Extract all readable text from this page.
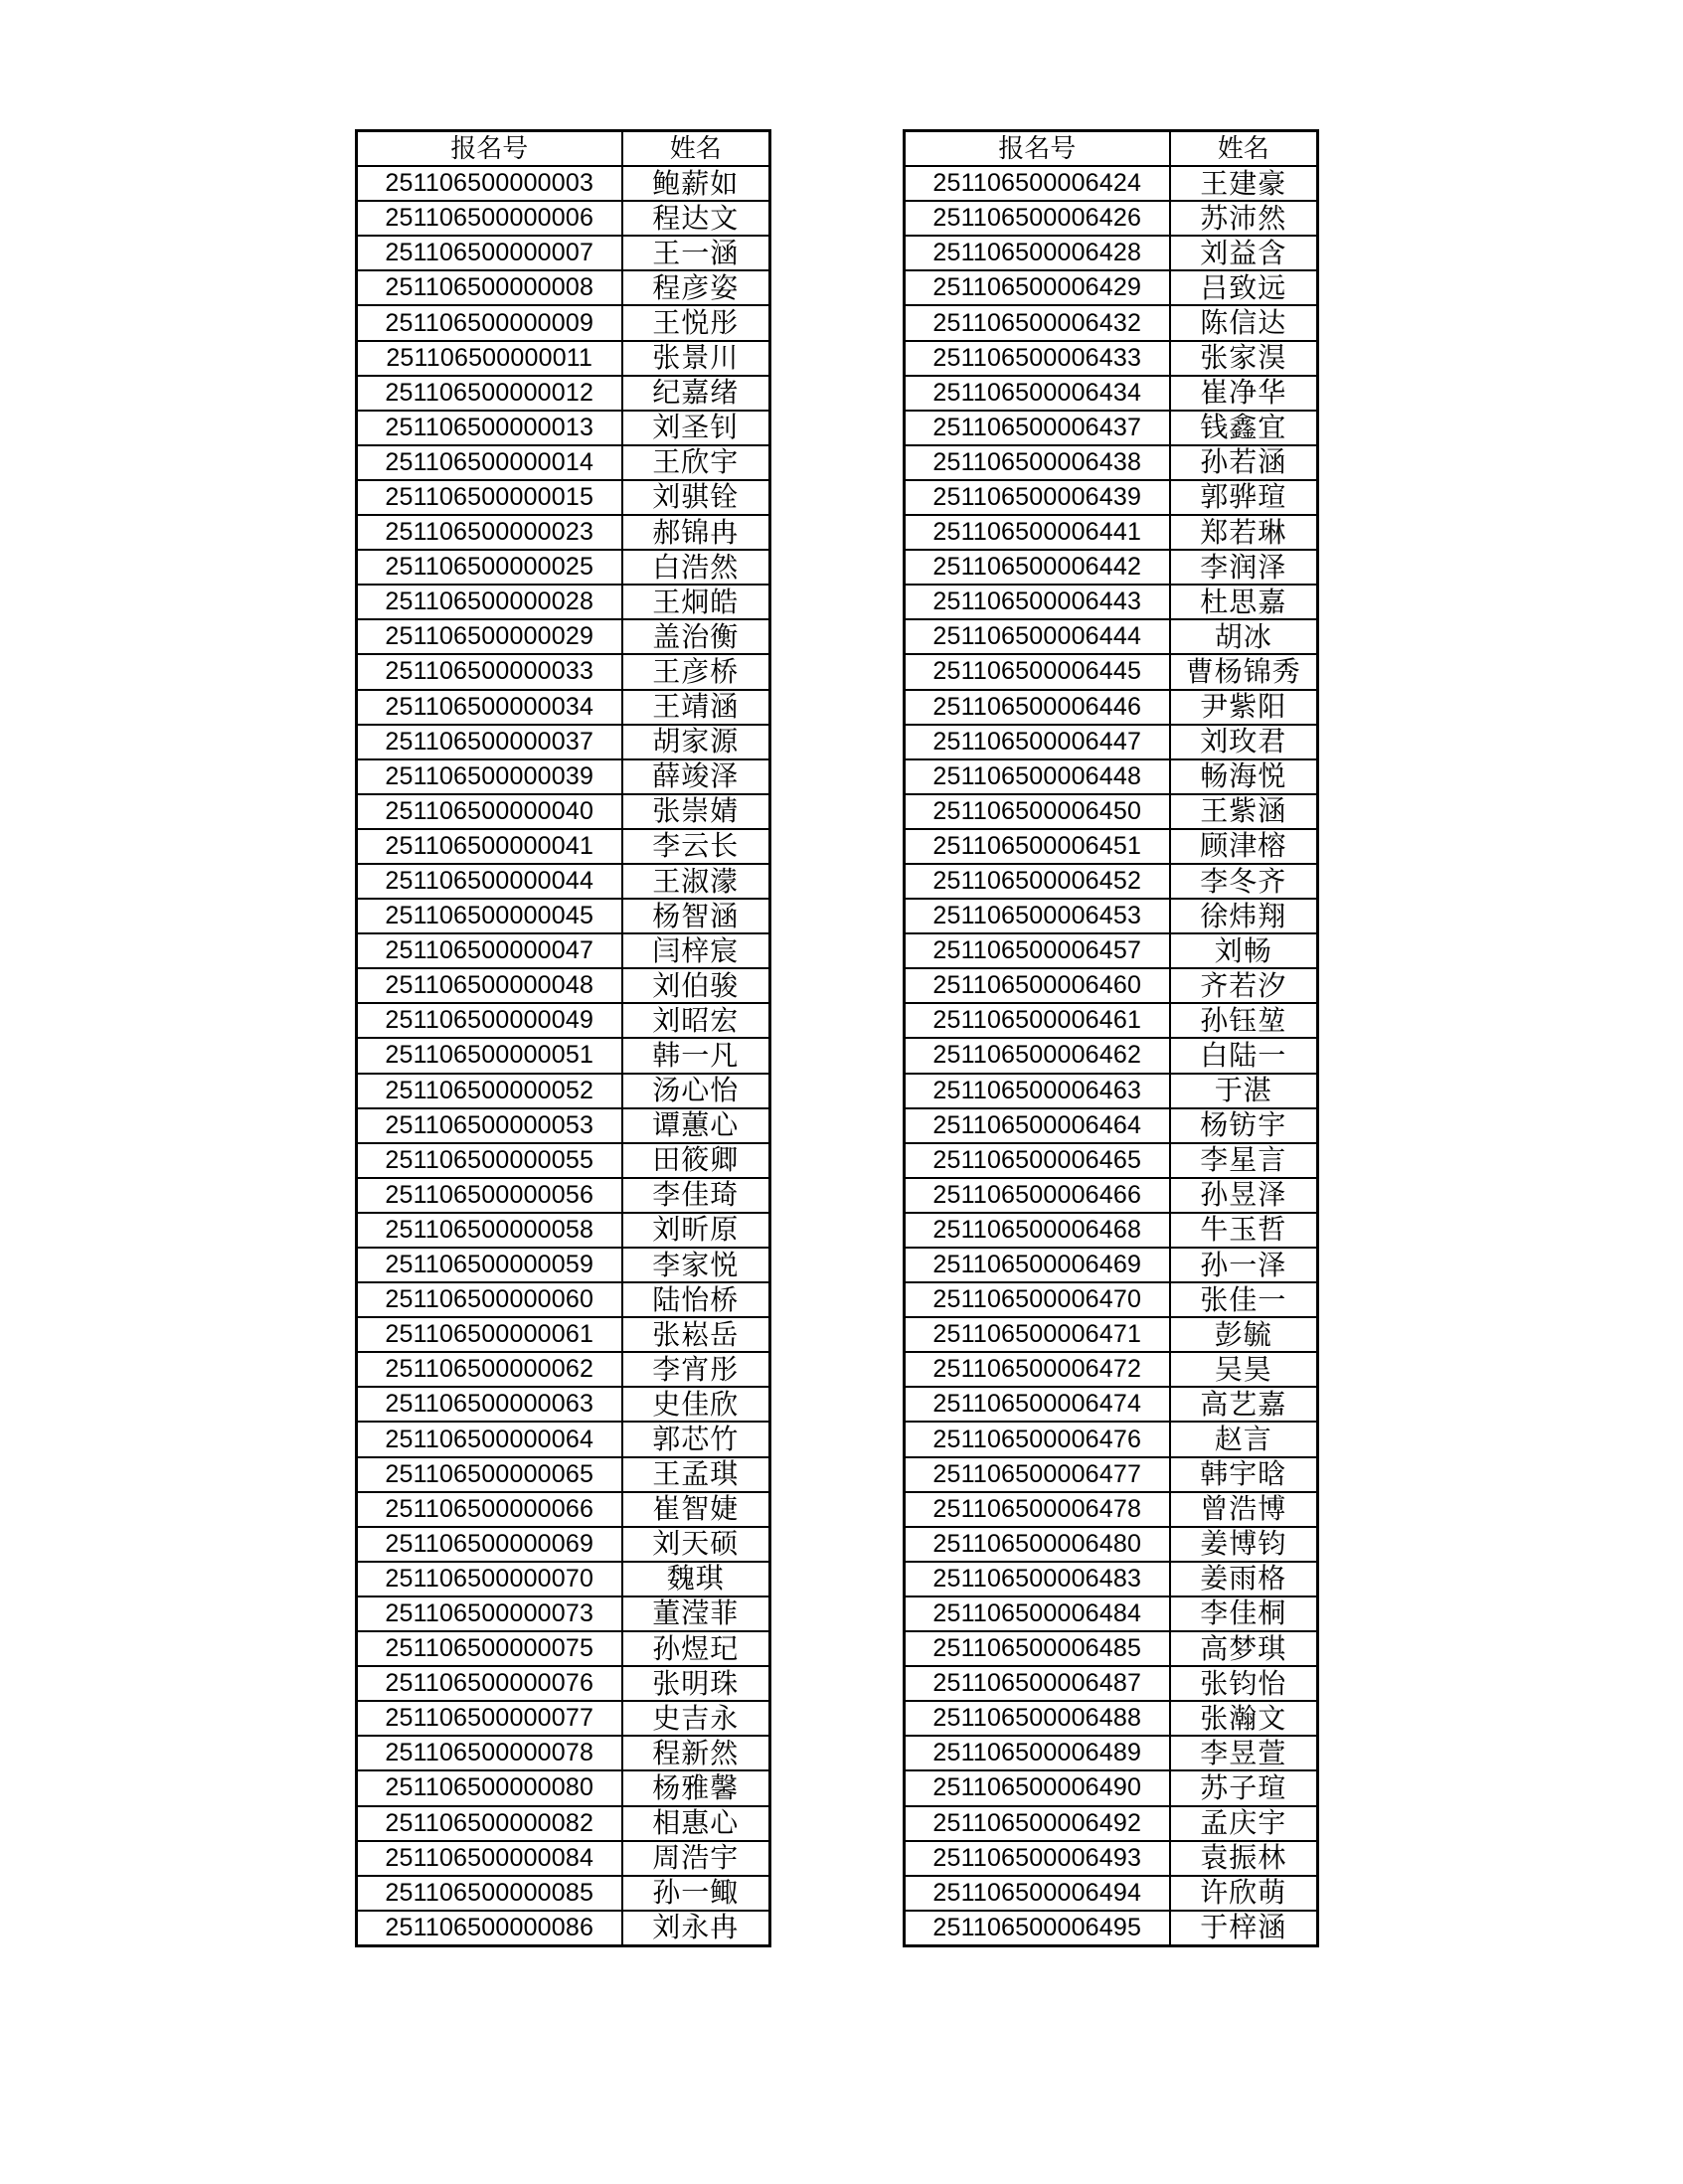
报名号	姓名
251106500000003	鲍薪如
251106500000006	程达文
251106500000007	王一涵
251106500000008	程彦姿
251106500000009	王悦彤
251106500000011	张景川
251106500000012	纪嘉绪
251106500000013	刘圣钊
251106500000014	王欣宇
251106500000015	刘骐铨
251106500000023	郝锦冉
251106500000025	白浩然
251106500000028	王炯皓
251106500000029	盖治衡
251106500000033	王彦桥
251106500000034	王靖涵
251106500000037	胡家源
251106500000039	薛竣泽
251106500000040	张崇婧
251106500000041	李云长
251106500000044	王淑濛
251106500000045	杨智涵
251106500000047	闫梓宸
251106500000048	刘伯骏
251106500000049	刘昭宏
251106500000051	韩一凡
251106500000052	汤心怡
251106500000053	谭蕙心
251106500000055	田筱卿
251106500000056	李佳琦
251106500000058	刘昕原
251106500000059	李家悦
251106500000060	陆怡桥
251106500000061	张崧岳
251106500000062	李宵彤
251106500000063	史佳欣
251106500000064	郭芯竹
251106500000065	王孟琪
251106500000066	崔智婕
251106500000069	刘天硕
251106500000070	魏琪
251106500000073	董滢菲
251106500000075	孙煜玘
251106500000076	张明珠
251106500000077	史吉永
251106500000078	程新然
251106500000080	杨雅馨
251106500000082	相惠心
251106500000084	周浩宇
251106500000085	孙一鲰
251106500000086	刘永冉
报名号	姓名
251106500006424	王建豪
251106500006426	苏沛然
251106500006428	刘益含
251106500006429	吕致远
251106500006432	陈信达
251106500006433	张家淏
251106500006434	崔净华
251106500006437	钱鑫宜
251106500006438	孙若涵
251106500006439	郭骅瑄
251106500006441	郑若琳
251106500006442	李润泽
251106500006443	杜思嘉
251106500006444	胡冰
251106500006445	曹杨锦秀
251106500006446	尹紫阳
251106500006447	刘玫君
251106500006448	畅海悦
251106500006450	王紫涵
251106500006451	顾津榕
251106500006452	李冬齐
251106500006453	徐炜翔
251106500006457	刘畅
251106500006460	齐若汐
251106500006461	孙钰堃
251106500006462	白陆一
251106500006463	于湛
251106500006464	杨钫宇
251106500006465	李星言
251106500006466	孙昱泽
251106500006468	牛玉哲
251106500006469	孙一泽
251106500006470	张佳一
251106500006471	彭毓
251106500006472	吴昊
251106500006474	高艺嘉
251106500006476	赵言
251106500006477	韩宇晗
251106500006478	曾浩博
251106500006480	姜博钧
251106500006483	姜雨格
251106500006484	李佳桐
251106500006485	高梦琪
251106500006487	张钧怡
251106500006488	张瀚文
251106500006489	李昱萱
251106500006490	苏子瑄
251106500006492	孟庆宇
251106500006493	袁振林
251106500006494	许欣萌
251106500006495	于梓涵
